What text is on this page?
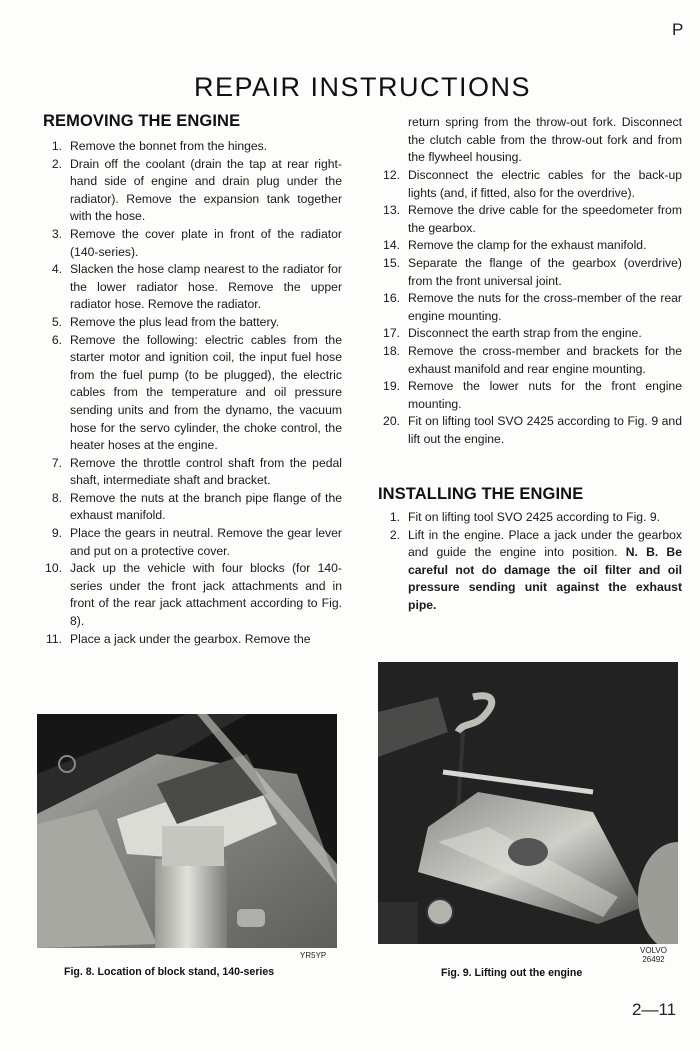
P
REPAIR INSTRUCTIONS
REMOVING THE ENGINE
1. Remove the bonnet from the hinges.
2. Drain off the coolant (drain the tap at rear right-hand side of engine and drain plug under the radiator). Remove the expansion tank together with the hose.
3. Remove the cover plate in front of the radiator (140-series).
4. Slacken the hose clamp nearest to the radiator for the lower radiator hose. Remove the upper radiator hose. Remove the radiator.
5. Remove the plus lead from the battery.
6. Remove the following: electric cables from the starter motor and ignition coil, the input fuel hose from the fuel pump (to be plugged), the electric cables from the temperature and oil pressure sending units and from the dynamo, the vacuum hose for the servo cylinder, the choke control, the heater hoses at the engine.
7. Remove the throttle control shaft from the pedal shaft, intermediate shaft and bracket.
8. Remove the nuts at the branch pipe flange of the exhaust manifold.
9. Place the gears in neutral. Remove the gear lever and put on a protective cover.
10. Jack up the vehicle with four blocks (for 140-series under the front jack attachments and in front of the rear jack attachment according to Fig. 8).
11. Place a jack under the gearbox. Remove the
YR5YP
Fig. 8. Location of block stand, 140-series
return spring from the throw-out fork. Disconnect the clutch cable from the throw-out fork and from the flywheel housing.
12. Disconnect the electric cables for the back-up lights (and, if fitted, also for the overdrive).
13. Remove the drive cable for the speedometer from the gearbox.
14. Remove the clamp for the exhaust manifold.
15. Separate the flange of the gearbox (overdrive) from the front universal joint.
16. Remove the nuts for the cross-member of the rear engine mounting.
17. Disconnect the earth strap from the engine.
18. Remove the cross-member and brackets for the exhaust manifold and rear engine mounting.
19. Remove the lower nuts for the front engine mounting.
20. Fit on lifting tool SVO 2425 according to Fig. 9 and lift out the engine.
INSTALLING THE ENGINE
1. Fit on lifting tool SVO 2425 according to Fig. 9.
2. Lift in the engine. Place a jack under the gearbox and guide the engine into position. N. B. Be careful not do damage the oil filter and oil pressure sending unit against the exhaust pipe.
VOLVO
26492
Fig. 9. Lifting out the engine
2—11
